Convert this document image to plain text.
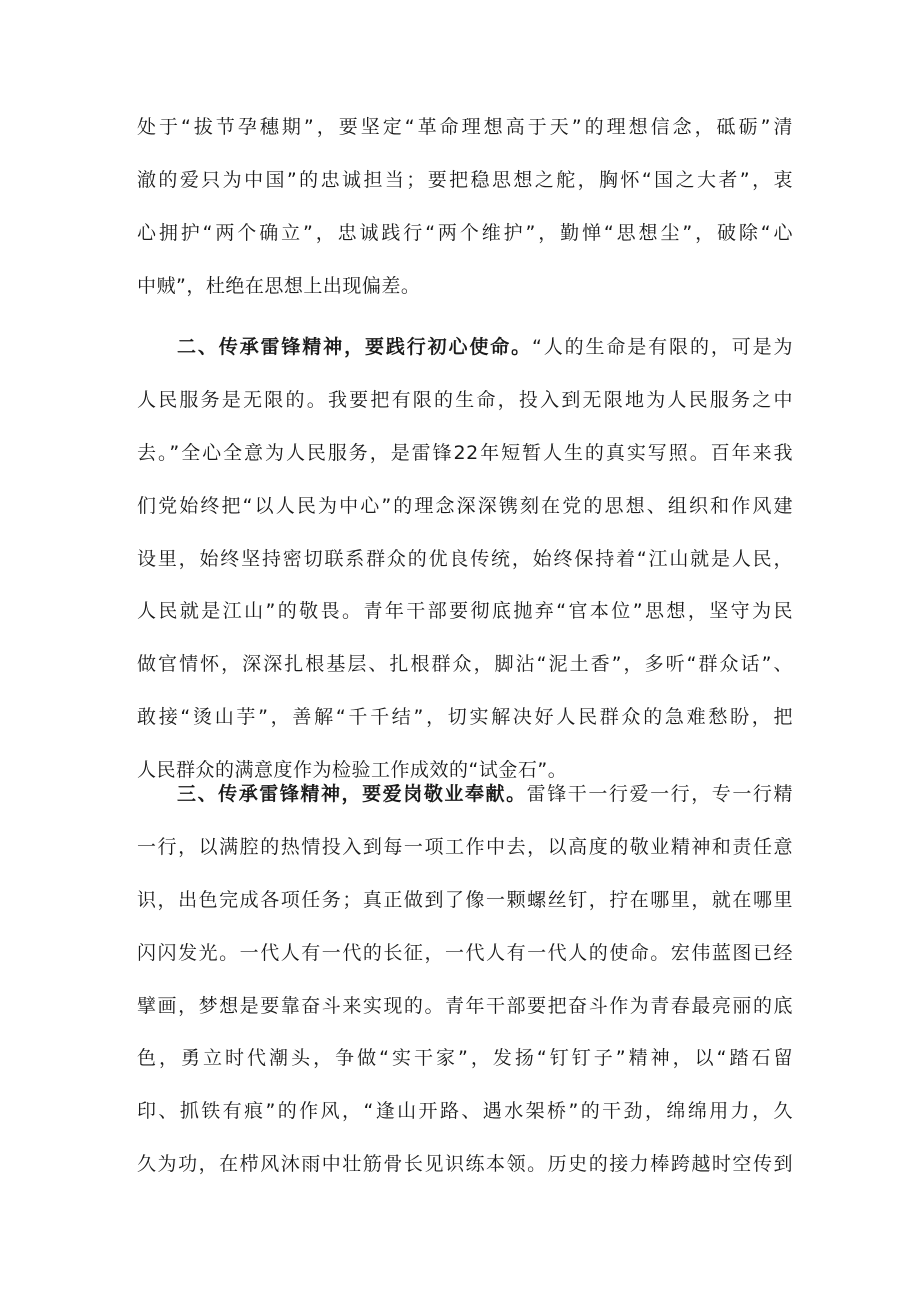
处于“拔节孕穗期”，要坚定“革命理想高于天”的理想信念，砥砺”清
澈的爱只为中国”的忠诚担当；要把稳思想之舵，胸怀“国之大者”，衷
心拥护“两个确立”，忠诚践行“两个维护”，勤惮“思想尘”，破除“心
中贼”，杜绝在思想上出现偏差。
二、传承雷锋精神，要践行初心使命。“人的生命是有限的，可是为
人民服务是无限的。我要把有限的生命，投入到无限地为人民服务之中
去。”全心全意为人民服务，是雷锋22年短暂人生的真实写照。百年来我
们党始终把“以人民为中心”的理念深深镌刻在党的思想、组织和作风建
设里，始终坚持密切联系群众的优良传统，始终保持着“江山就是人民，
人民就是江山”的敬畏。青年干部要彻底抛弃“官本位”思想，坚守为民
做官情怀，深深扎根基层、扎根群众，脚沾“泥土香”，多听“群众话”、
敢接“烫山芋”，善解“千千结”，切实解决好人民群众的急难愁盼，把
人民群众的满意度作为检验工作成效的“试金石”。
三、传承雷锋精神，要爱岗敬业奉献。雷锋干一行爱一行，专一行精
一行，以满腔的热情投入到每一项工作中去，以高度的敬业精神和责任意
识，出色完成各项任务；真正做到了像一颗螺丝钉，拧在哪里，就在哪里
闪闪发光。一代人有一代的长征，一代人有一代人的使命。宏伟蓝图已经
擘画，梦想是要靠奋斗来实现的。青年干部要把奋斗作为青春最亮丽的底
色，勇立时代潮头，争做“实干家”，发扬“钉钉子”精神，以“踏石留
印、抓铁有痕”的作风，“逢山开路、遇水架桥”的干劲，绵绵用力，久
久为功，在栉风沐雨中壮筋骨长见识练本领。历史的接力棒跨越时空传到
